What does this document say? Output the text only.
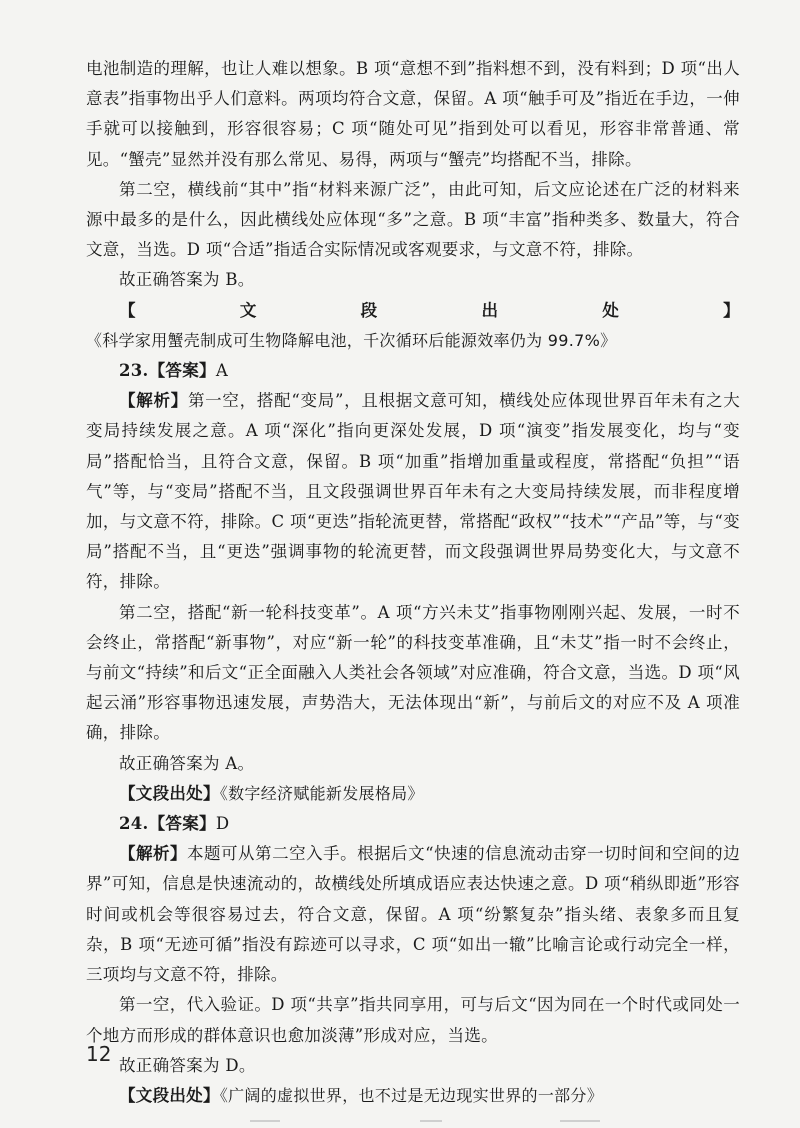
电池制造的理解，也让人难以想象。B 项“意想不到”指料想不到，没有料到；D 项“出人意表”指事物出乎人们意料。两项均符合文意，保留。A 项“触手可及”指近在手边，一伸手就可以接触到，形容很容易；C 项“随处可见”指到处可以看见，形容非常普通、常见。“蟹壳”显然并没有那么常见、易得，两项与“蟹壳”均搭配不当，排除。

第二空，横线前“其中”指“材料来源广泛”，由此可知，后文应论述在广泛的材料来源中最多的是什么，因此横线处应体现“多”之意。B 项“丰富”指种类多、数量大，符合文意，当选。D 项“合适”指适合实际情况或客观要求，与文意不符，排除。

故正确答案为 B。

【文段出处】《科学家用蟹壳制成可生物降解电池，千次循环后能源效率仍为 99.7%》

23.【答案】A

【解析】第一空，搭配“变局”，且根据文意可知，横线处应体现世界百年未有之大变局持续发展之意。A 项“深化”指向更深处发展，D 项“演变”指发展变化，均与“变局”搭配恰当，且符合文意，保留。B 项“加重”指增加重量或程度，常搭配“负担”“语气”等，与“变局”搭配不当，且文段强调世界百年未有之大变局持续发展，而非程度增加，与文意不符，排除。C 项“更迭”指轮流更替，常搭配“政权”“技术”“产品”等，与“变局”搭配不当，且“更迭”强调事物的轮流更替，而文段强调世界局势变化大，与文意不符，排除。

第二空，搭配“新一轮科技变革”。A 项“方兴未艾”指事物刚刚兴起、发展，一时不会终止，常搭配“新事物”，对应“新一轮”的科技变革准确，且“未艾”指一时不会终止，与前文“持续”和后文“正全面融入人类社会各领域”对应准确，符合文意，当选。D 项“风起云涌”形容事物迅速发展，声势浩大，无法体现出“新”，与前后文的对应不及 A 项准确，排除。

故正确答案为 A。

【文段出处】《数字经济赋能新发展格局》

24.【答案】D

【解析】本题可从第二空入手。根据后文“快速的信息流动击穿一切时间和空间的边界”可知，信息是快速流动的，故横线处所填成语应表达快速之意。D 项“稍纵即逝”形容时间或机会等很容易过去，符合文意，保留。A 项“纷繁复杂”指头绪、表象多而且复杂，B 项“无迹可循”指没有踪迹可以寻求，C 项“如出一辙”比喻言论或行动完全一样，三项均与文意不符，排除。

第一空，代入验证。D 项“共享”指共同享用，可与后文“因为同在一个时代或同处一个地方而形成的群体意识也愈加淡薄”形成对应，当选。

故正确答案为 D。

【文段出处】《广阔的虚拟世界，也不过是无边现实世界的一部分》

12
